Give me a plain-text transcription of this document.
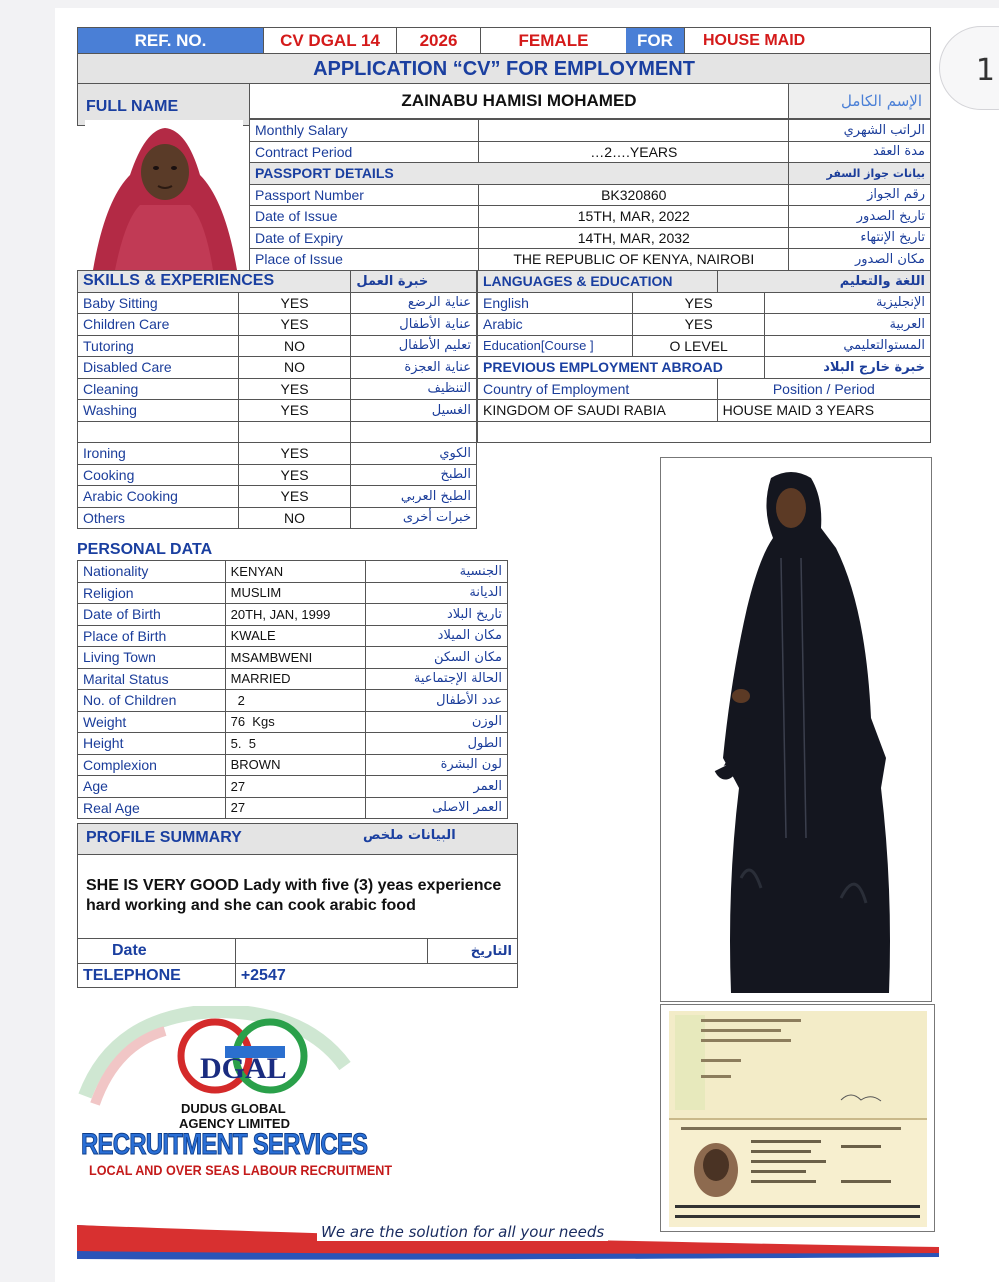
REF. NO.	CV DGAL 14	2026	FEMALE	FOR	HOUSE MAID
APPLICATION “CV” FOR EMPLOYMENT
FULL NAME	ZAINABU HAMISI MOHAMED	الإسم الكامل
Monthly Salary		الراتب الشهري
Contract Period	…2….YEARS	مدة العقد
PASSPORT DETAILS		بيانات جواز السفر
Passport Number	BK320860	رقم الجواز
Date of Issue	15TH, MAR, 2022	تاريخ الصدور
Date of Expiry	14TH, MAR, 2032	تاريخ الإنتهاء
Place of Issue	THE REPUBLIC OF KENYA, NAIROBI	مكان الصدور
SKILLS & EXPERIENCES		خبرة العمل
Baby Sitting	YES	عناية الرضع
Children Care	YES	عناية الأطفال
Tutoring	NO	تعليم الأطفال
Disabled Care	NO	عناية العجزة
Cleaning	YES	التنظيف
Washing	YES	الغسيل

Ironing	YES	الكوي
Cooking	YES	الطبخ
Arabic Cooking	YES	الطبخ العربي
Others	NO	خبرات أخرى
LANGUAGES & EDUCATION		اللغة والتعليم	
English	YES		الإنجليزية
Arabic	YES		العربية
Education[Course ]	O LEVEL		المستوالتعليمي
PREVIOUS EMPLOYMENT ABROAD			خبرة خارج البلاد
Country of Employment		Position / Period	
KINGDOM OF SAUDI RABIA		HOUSE MAID 3 YEARS	

PERSONAL DATA
Nationality	KENYAN	الجنسية
Religion	MUSLIM	الديانة
Date of Birth	20TH, JAN, 1999	تاريخ البلاد
Place of Birth	KWALE	مكان الميلاد
Living Town	MSAMBWENI	مكان السكن
Marital Status	MARRIED	الحالة الإجتماعية
No. of Children	2	عدد الأطفال
Weight	76  Kgs	الوزن
Height	5.  5	الطول
Complexion	BROWN	لون البشرة
Age	27	العمر
Real Age	27	العمر الاصلى
PROFILE SUMMARY	البيانات ملخص
SHE IS VERY GOOD Lady with five (3) yeas experience hard working and she can cook arabic food
Date		التاريخ
TELEPHONE	+2547	
DGAL
DUDUS GLOBAL
AGENCY LIMITED
RECRUITMENT SERVICES
LOCAL AND OVER SEAS LABOUR RECRUITMENT
We are the solution for all your needs
1
